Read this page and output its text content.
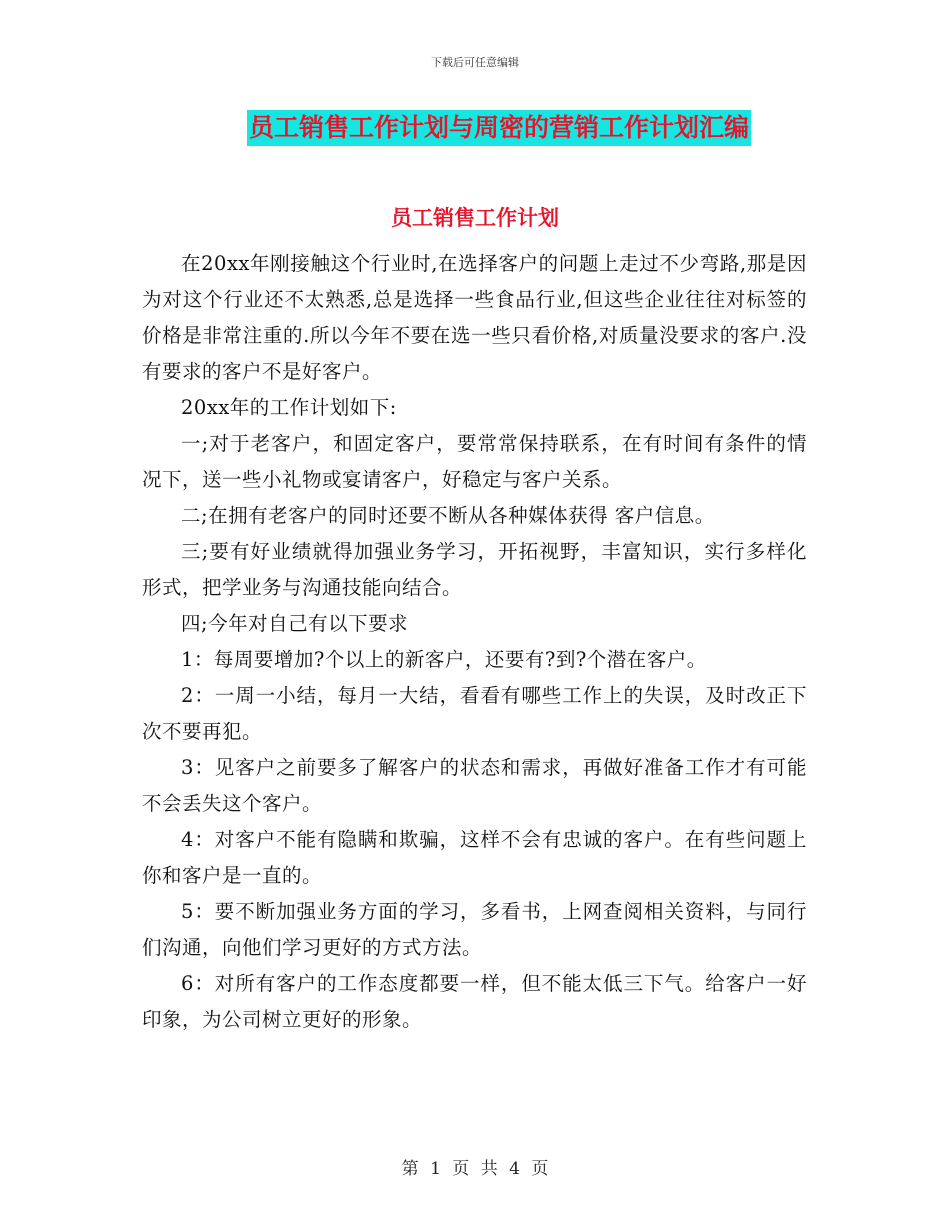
下载后可任意编辑
员工销售工作计划与周密的营销工作计划汇编
员工销售工作计划

在20xx年刚接触这个行业时,在选择客户的问题上走过不少弯路,那是因为对这个行业还不太熟悉,总是选择一些食品行业,但这些企业往往对标签的价格是非常注重的.所以今年不要在选一些只看价格,对质量没要求的客户.没有要求的客户不是好客户。

20xx年的工作计划如下:

一;对于老客户，和固定客户，要常常保持联系，在有时间有条件的情况下，送一些小礼物或宴请客户，好稳定与客户关系。

二;在拥有老客户的同时还要不断从各种媒体获得 客户信息。

三;要有好业绩就得加强业务学习，开拓视野，丰富知识，实行多样化形式，把学业务与沟通技能向结合。

四;今年对自己有以下要求

1：每周要增加?个以上的新客户，还要有?到?个潜在客户。

2：一周一小结，每月一大结，看看有哪些工作上的失误，及时改正下次不要再犯。

3：见客户之前要多了解客户的状态和需求，再做好准备工作才有可能不会丢失这个客户。

4：对客户不能有隐瞒和欺骗，这样不会有忠诚的客户。在有些问题上你和客户是一直的。

5：要不断加强业务方面的学习，多看书，上网查阅相关资料，与同行们沟通，向他们学习更好的方式方法。

6：对所有客户的工作态度都要一样，但不能太低三下气。给客户一好印象，为公司树立更好的形象。

第 1 页 共 4 页
